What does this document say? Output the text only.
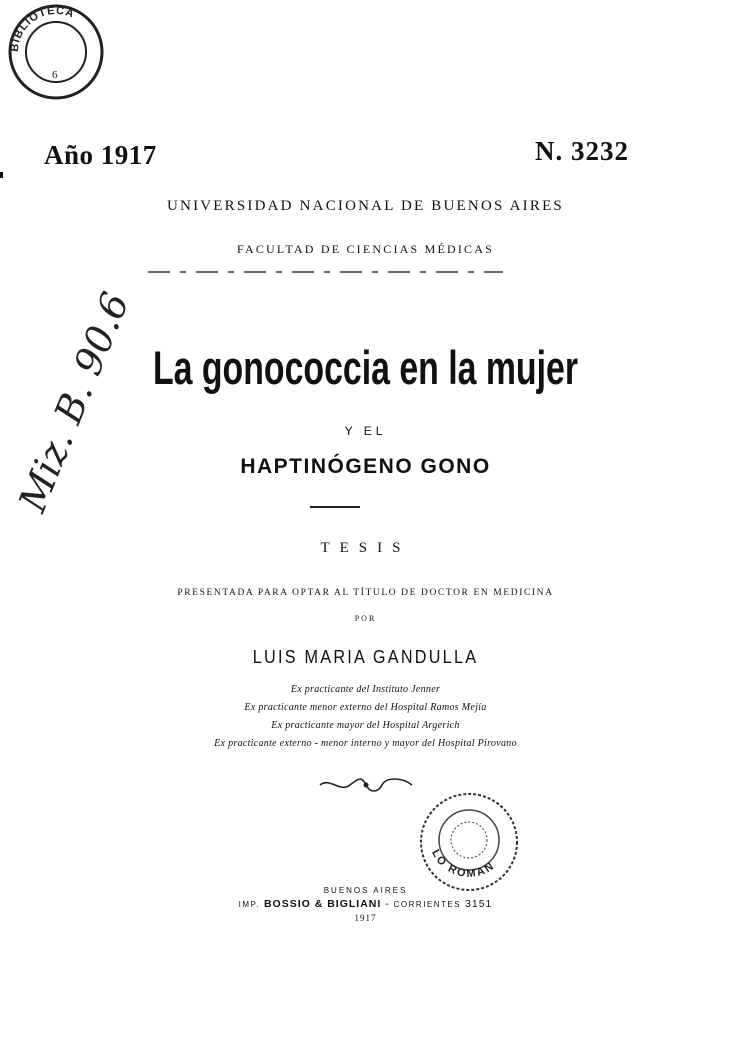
BIBLIOTECA
6
Año 1917	N. 3232
UNIVERSIDAD NACIONAL DE BUENOS AIRES
FACULTAD DE CIENCIAS MÉDICAS
Miz. B. 90.6 La gonococcia en la mujer
Y EL
HAPTINÓGENO GONO
TESIS
PRESENTADA PARA OPTAR AL TÍTULO DE DOCTOR EN MEDICINA
POR
LUIS MARIA GANDULLA
Ex practicante del Instituto Jenner
Ex practicante menor externo del Hospital Ramos Mejía
Ex practicante mayor del Hospital Argerich
Ex practicante externo - menor interno y mayor del Hospital Pirovano
LO ROMAN
BUENOS AIRES
IMP. BOSSIO & BIGLIANI - CORRIENTES 3151
1917
